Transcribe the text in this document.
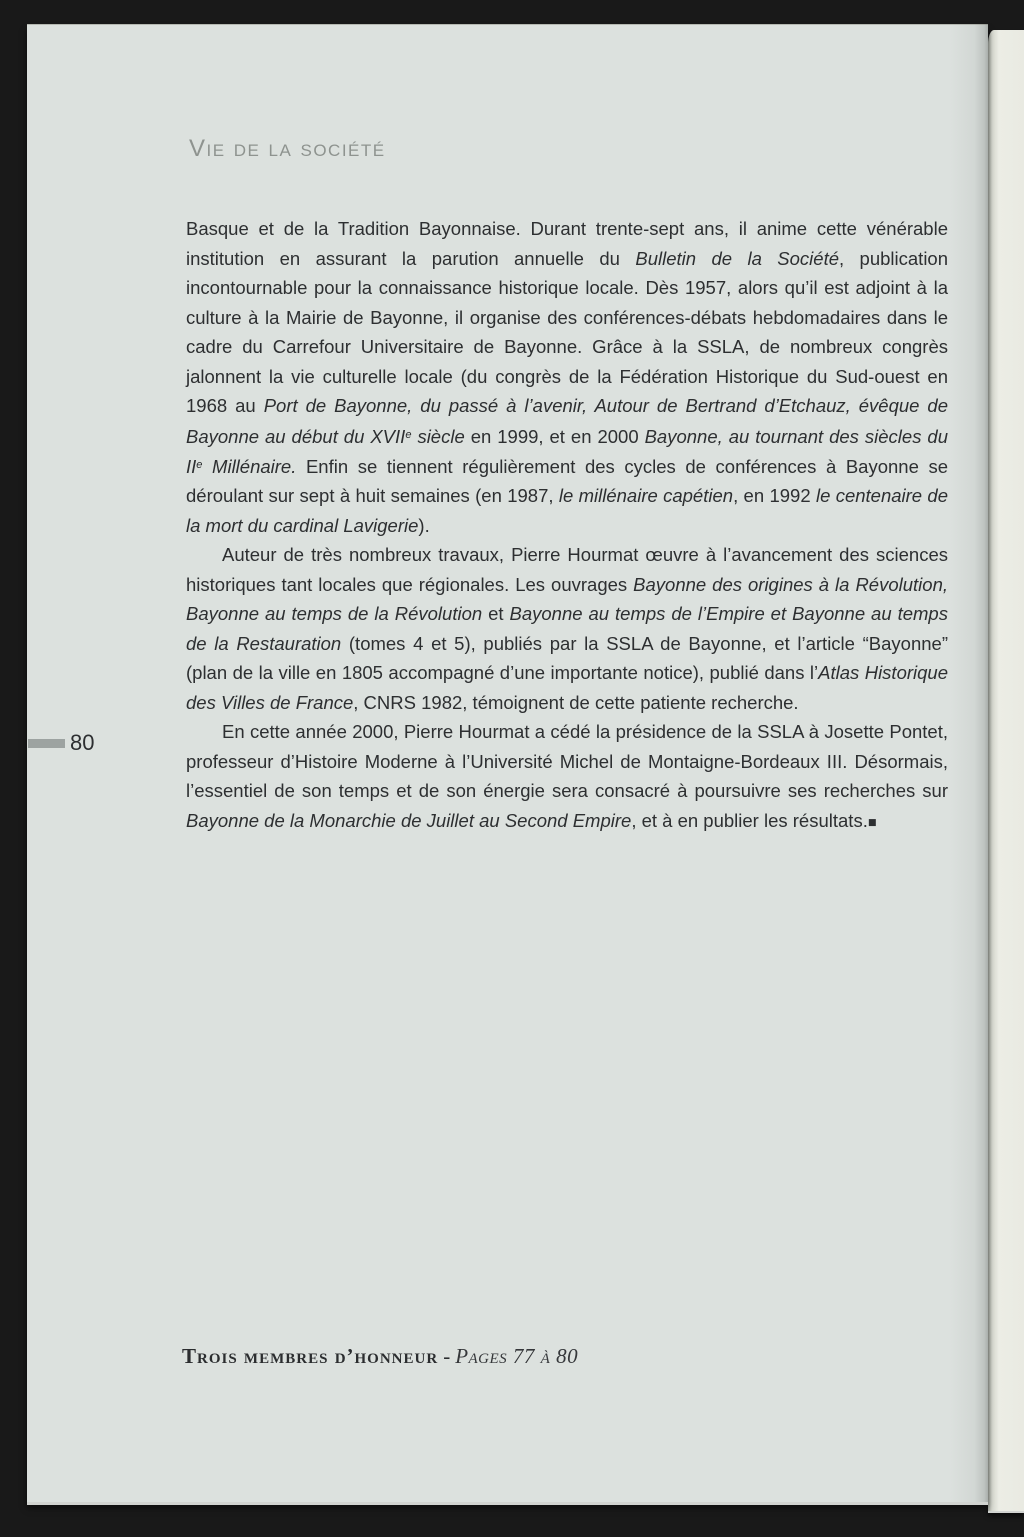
Vie de la société

Basque et de la Tradition Bayonnaise. Durant trente-sept ans, il anime cette vénérable institution en assurant la parution annuelle du Bulletin de la Société, publication incontournable pour la connaissance historique locale. Dès 1957, alors qu’il est adjoint à la culture à la Mairie de Bayonne, il organise des conférences-débats hebdomadaires dans le cadre du Carrefour Universitaire de Bayonne. Grâce à la SSLA, de nombreux congrès jalonnent la vie culturelle locale (du congrès de la Fédération Historique du Sud-ouest en 1968 au Port de Bayonne, du passé à l’avenir, Autour de Bertrand d’Etchauz, évêque de Bayonne au début du XVIIe siècle en 1999, et en 2000 Bayonne, au tournant des siècles du IIe Millénaire. Enfin se tiennent régulièrement des cycles de conférences à Bayonne se déroulant sur sept à huit semaines (en 1987, le millénaire capétien, en 1992 le centenaire de la mort du cardinal Lavigerie).

Auteur de très nombreux travaux, Pierre Hourmat œuvre à l’avancement des sciences historiques tant locales que régionales. Les ouvrages Bayonne des origines à la Révolution, Bayonne au temps de la Révolution et Bayonne au temps de l’Empire et Bayonne au temps de la Restauration (tomes 4 et 5), publiés par la SSLA de Bayonne, et l’article “Bayonne” (plan de la ville en 1805 accompagné d’une importante notice), publié dans l’Atlas Historique des Villes de France, CNRS 1982, témoignent de cette patiente recherche.

En cette année 2000, Pierre Hourmat a cédé la présidence de la SSLA à Josette Pontet, professeur d’Histoire Moderne à l’Université Michel de Montaigne-Bordeaux III. Désormais, l’essentiel de son temps et de son énergie sera consacré à poursuivre ses recherches sur Bayonne de la Monarchie de Juillet au Second Empire, et à en publier les résultats.■

80
Trois membres d’honneur - Pages 77 à 80
